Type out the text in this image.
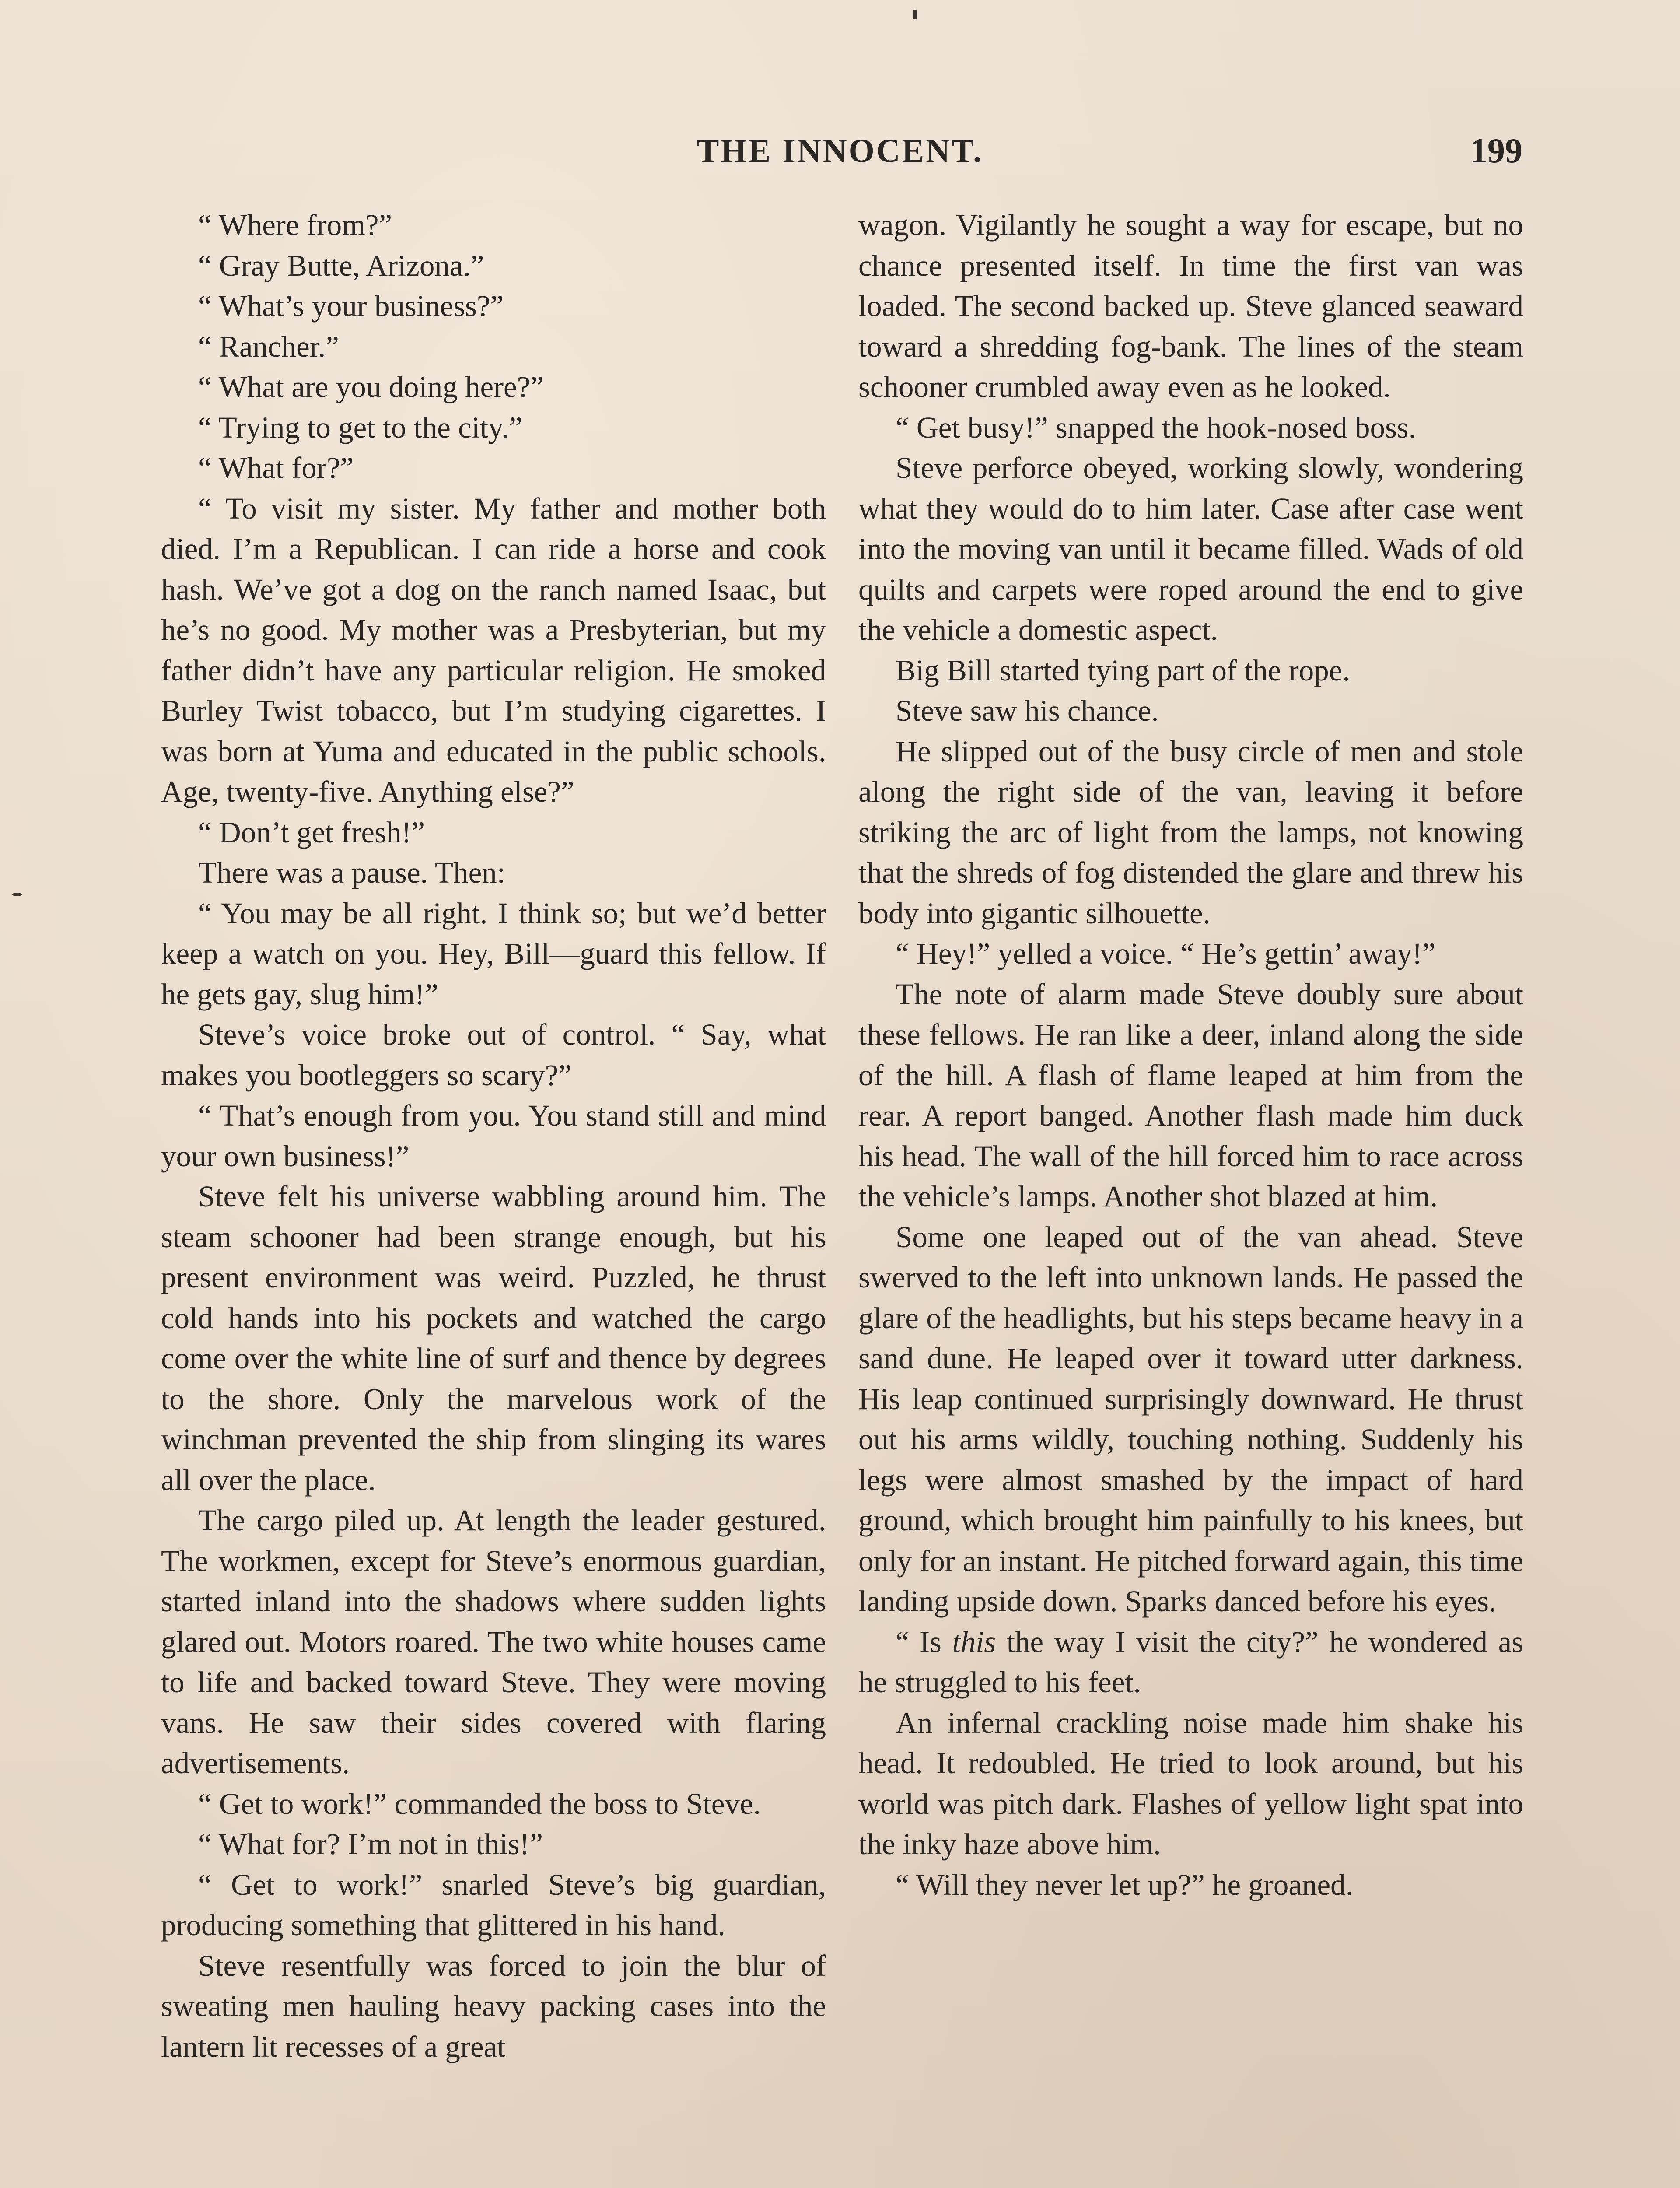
THE INNOCENT.	199

“ Where from?”

“ Gray Butte, Arizona.”

“ What’s your business?”

“ Rancher.”

“ What are you doing here?”

“ Trying to get to the city.”

“ What for?”

“ To visit my sister. My father and mother both died. I’m a Republican. I can ride a horse and cook hash. We’ve got a dog on the ranch named Isaac, but he’s no good. My mother was a Presbyterian, but my father didn’t have any particular religion. He smoked Burley Twist tobacco, but I’m studying cigarettes. I was born at Yuma and educated in the public schools. Age, twenty-five. Anything else?”

“ Don’t get fresh!”

There was a pause. Then:

“ You may be all right. I think so; but we’d better keep a watch on you. Hey, Bill—guard this fellow. If he gets gay, slug him!”

Steve’s voice broke out of control. “ Say, what makes you bootleggers so scary?”

“ That’s enough from you. You stand still and mind your own business!”

Steve felt his universe wabbling around him. The steam schooner had been strange enough, but his present environment was weird. Puzzled, he thrust cold hands into his pockets and watched the cargo come over the white line of surf and thence by degrees to the shore. Only the marvelous work of the winchman prevented the ship from slinging its wares all over the place.

The cargo piled up. At length the leader gestured. The workmen, except for Steve’s enormous guardian, started inland into the shadows where sudden lights glared out. Motors roared. The two white houses came to life and backed toward Steve. They were moving vans. He saw their sides covered with flaring advertisements.

“ Get to work!” commanded the boss to Steve.

“ What for? I’m not in this!”

“ Get to work!” snarled Steve’s big guardian, producing something that glittered in his hand.

Steve resentfully was forced to join the blur of sweating men hauling heavy packing cases into the lantern lit recesses of a great

wagon. Vigilantly he sought a way for escape, but no chance presented itself. In time the first van was loaded. The second backed up. Steve glanced seaward toward a shredding fog-bank. The lines of the steam schooner crumbled away even as he looked.

“ Get busy!” snapped the hook-nosed boss.

Steve perforce obeyed, working slowly, wondering what they would do to him later. Case after case went into the moving van until it became filled. Wads of old quilts and carpets were roped around the end to give the vehicle a domestic aspect.

Big Bill started tying part of the rope.

Steve saw his chance.

He slipped out of the busy circle of men and stole along the right side of the van, leaving it before striking the arc of light from the lamps, not knowing that the shreds of fog distended the glare and threw his body into gigantic silhouette.

“ Hey!” yelled a voice. “ He’s gettin’ away!”

The note of alarm made Steve doubly sure about these fellows. He ran like a deer, inland along the side of the hill. A flash of flame leaped at him from the rear. A report banged. Another flash made him duck his head. The wall of the hill forced him to race across the vehicle’s lamps. Another shot blazed at him.

Some one leaped out of the van ahead. Steve swerved to the left into unknown lands. He passed the glare of the headlights, but his steps became heavy in a sand dune. He leaped over it toward utter darkness. His leap continued surprisingly downward. He thrust out his arms wildly, touching nothing. Suddenly his legs were almost smashed by the impact of hard ground, which brought him painfully to his knees, but only for an instant. He pitched forward again, this time landing upside down. Sparks danced before his eyes.

“ Is this the way I visit the city?” he wondered as he struggled to his feet.

An infernal crackling noise made him shake his head. It redoubled. He tried to look around, but his world was pitch dark. Flashes of yellow light spat into the inky haze above him.

“ Will they never let up?” he groaned.
